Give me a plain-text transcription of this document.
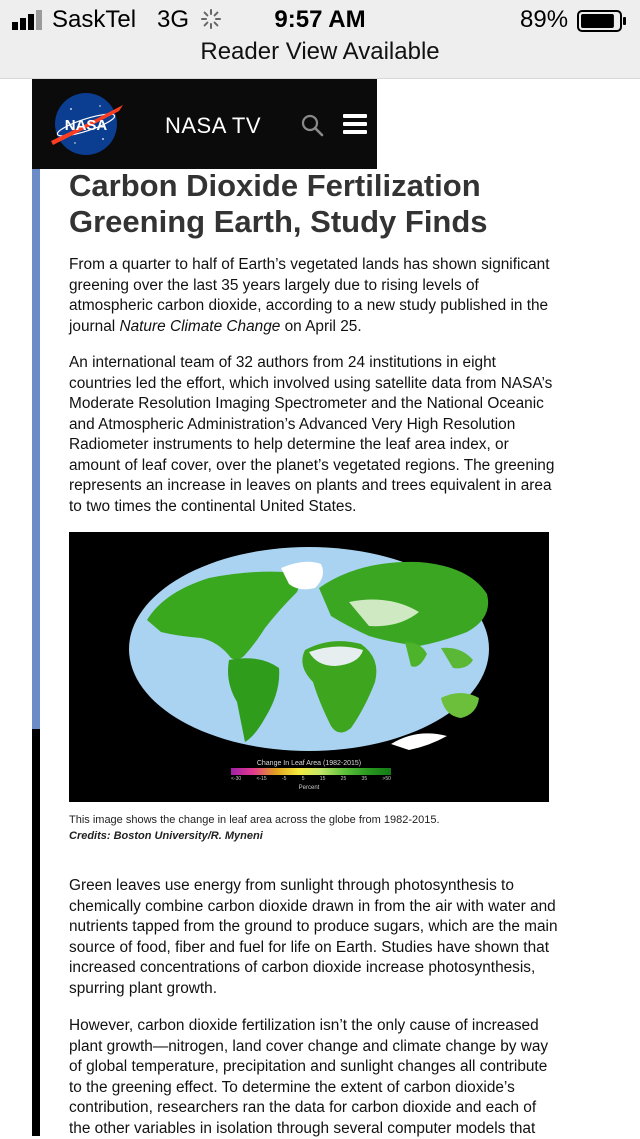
SaskTel 3G	9:57 AM	89%
Reader View Available
NASA	NASA TV
Carbon Dioxide Fertilization Greening Earth, Study Finds
From a quarter to half of Earth’s vegetated lands has shown significant greening over the last 35 years largely due to rising levels of atmospheric carbon dioxide, according to a new study published in the journal Nature Climate Change on April 25.
An international team of 32 authors from 24 institutions in eight countries led the effort, which involved using satellite data from NASA’s Moderate Resolution Imaging Spectrometer and the National Oceanic and Atmospheric Administration’s Advanced Very High Resolution Radiometer instruments to help determine the leaf area index, or amount of leaf cover, over the planet’s vegetated regions. The greening represents an increase in leaves on plants and trees equivalent in area to two times the continental United States.
Change In Leaf Area (1982-2015)
<-30	<-15	-5	5	15	25	35	>50
Percent
This image shows the change in leaf area across the globe from 1982-2015.
Credits: Boston University/R. Myneni
Green leaves use energy from sunlight through photosynthesis to chemically combine carbon dioxide drawn in from the air with water and nutrients tapped from the ground to produce sugars, which are the main source of food, fiber and fuel for life on Earth. Studies have shown that increased concentrations of carbon dioxide increase photosynthesis, spurring plant growth.
However, carbon dioxide fertilization isn’t the only cause of increased plant growth—nitrogen, land cover change and climate change by way of global temperature, precipitation and sunlight changes all contribute to the greening effect. To determine the extent of carbon dioxide’s contribution, researchers ran the data for carbon dioxide and each of the other variables in isolation through several computer models that
